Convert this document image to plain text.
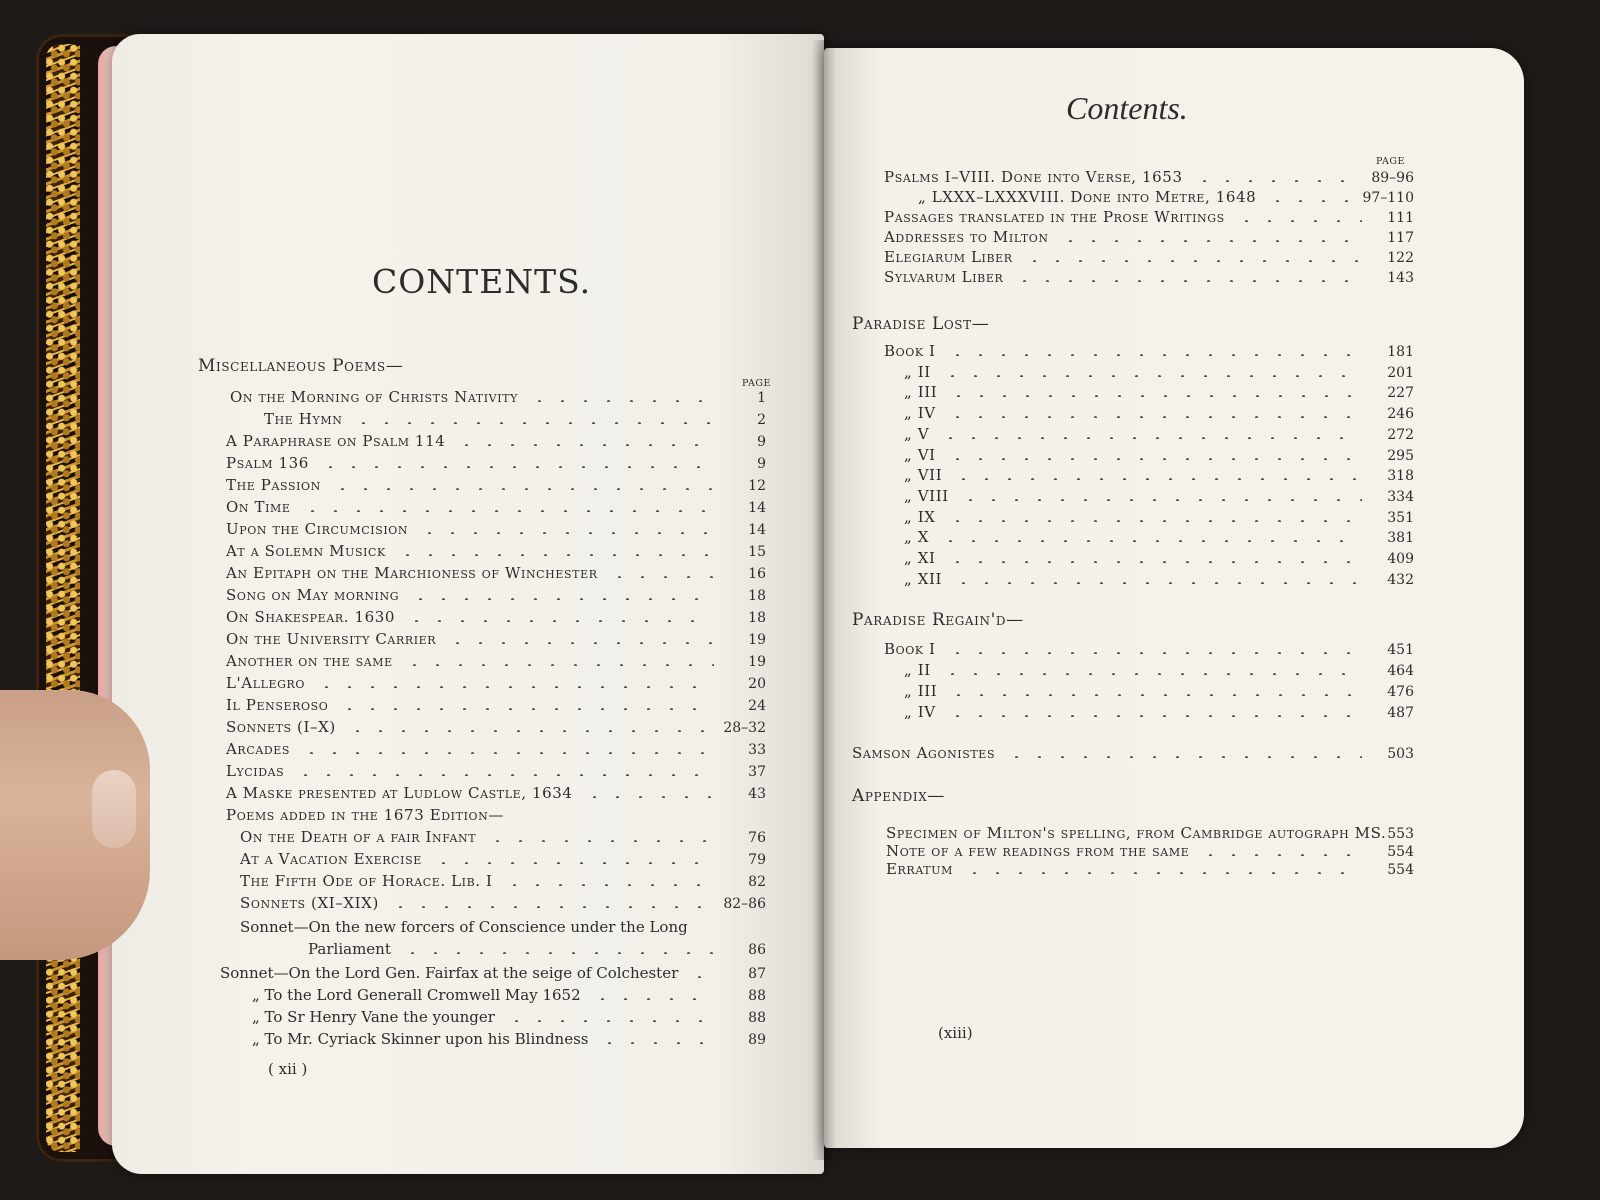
CONTENTS.
Miscellaneous Poems—
PAGE
On the Morning of Christs Nativity	1
The Hymn	2
A Paraphrase on Psalm 114	9
Psalm 136	9
The Passion	12
On Time	14
Upon the Circumcision	14
At a Solemn Musick	15
An Epitaph on the Marchioness of Winchester	16
Song on May morning	18
On Shakespear. 1630	18
On the University Carrier	19
Another on the same	19
L'Allegro	20
Il Penseroso	24
Sonnets (I–X)	28–32
Arcades	33
Lycidas	37
A Maske presented at Ludlow Castle, 1634	43
Poems added in the 1673 Edition—
On the Death of a fair Infant	76
At a Vacation Exercise	79
The Fifth Ode of Horace. Lib. I	82
Sonnets (XI–XIX)	82–86
Sonnet—On the new forcers of Conscience under the Long
Parliament	86
Sonnet—On the Lord Gen. Fairfax at the seige of Colchester	87
„ To the Lord Generall Cromwell May 1652	88
„ To Sr Henry Vane the younger	88
„ To Mr. Cyriack Skinner upon his Blindness	89
( xii )
Contents.
PAGE
Paradise Lost—
Paradise Regain'd—
Appendix—
Psalms I–VIII. Done into Verse, 1653	89–96
„ LXXX–LXXXVIII. Done into Metre, 1648	97–110
Passages translated in the Prose Writings	111
Addresses to Milton	117
Elegiarum Liber	122
Sylvarum Liber	143
Book I	181
„ II	201
„ III	227
„ IV	246
„ V	272
„ VI	295
„ VII	318
„ VIII	334
„ IX	351
„ X	381
„ XI	409
„ XII	432
Book I	451
„ II	464
„ III	476
„ IV	487
Samson Agonistes	503
Specimen of Milton's spelling, from Cambridge autograph MS. 553
Note of a few readings from the same	554
Erratum	554
(xiii)
